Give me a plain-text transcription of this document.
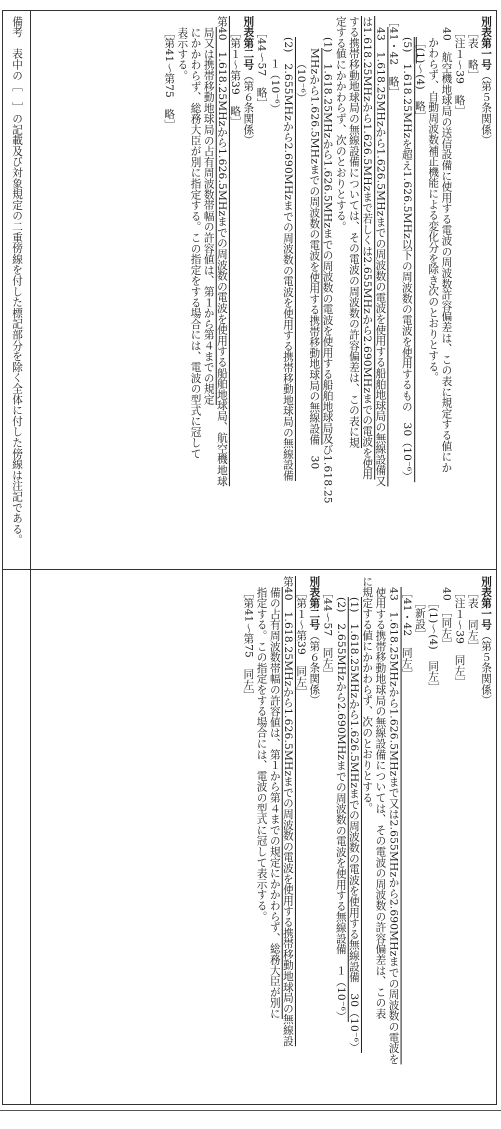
別表第一号（第５条関係）

［表　略］

［注１～39　略］

40　航空機地球局の送信設備に使用する電波の周波数許容偏差は、この表に規定する値にか

かわらず、自動周波数補正機能による変化分を除き次のとおりとする。

［(1)～(4)　略］

(5)　1.618.25MHzを超え1.626.5MHz以下の周波数の電波を使用するもの　30（10⁻⁶）

［41・42　略］

43　1.618.25MHzから1.626.5MHzまでの周波数の電波を使用する船舶地球局の無線設備又

は1.618.25MHzから1.626.5MHzまで若しくは2.655MHzから2.690MHzまでの電波を使用

する携帯移動地球局の無線設備については、その電波の周波数の許容偏差は、この表に規

定する値にかかわらず、次のとおりとする。

(1)　1.618.25MHzから1.626.5MHzまでの周波数の電波を使用する船舶地球局及び1.618.25

MHzから1.626.5MHzまでの周波数の電波を使用する携帯移動地球局の無線設備　30

（10⁻⁶）

(2)　2.655MHzから2.690MHzまでの周波数の電波を使用する携帯移動地球局の無線設備

１（10⁻⁶）

［44～57　略］

別表第二号（第６条関係）

［第１～第39　略］

第40　1.618.25MHzから1.626.5MHzまでの周波数の電波を使用する船舶地球局、航空機地球

局又は携帯移動地球局の占有周波数帯幅の許容値は、第１から第４までの規定

にかかわらず、総務大臣が別に指定する。この指定をする場合には、電波の型式に冠して

表示する。

［第41～第75　略］

別表第一号（第５条関係）

［表　同左］

［注１～39　同左］

40　［同左］

［(1)～(4)　同左］

［新設］

［41・42　同左］

43　1.618.25MHzから1.626.5MHzまで又は2.655MHzから2.690MHzまでの周波数の電波を

使用する携帯移動地球局の無線設備については、その電波の周波数の許容偏差は、この表

に規定する値にかかわらず、次のとおりとする。

(1)　1.618.25MHzから1.626.5MHzまでの周波数の電波を使用する無線設備　30（10⁻⁶）

(2)　2.655MHzから2.690MHzまでの周波数の電波を使用する無線設備　１（10⁻⁶）

［44～57　同左］

別表第二号（第６条関係）

［第１～第39　同左］

第40　1.618.25MHzから1.626.5MHzまでの周波数の電波を使用する携帯移動地球局の無線設

備の占有周波数帯幅の許容値は、第１から第４までの規定にかかわらず、総務大臣が別に

指定する。この指定をする場合には、電波の型式に冠して表示する。

［第41～第75　同左］

備考　表中の［　］の記載及び対象規定の二重傍線を付した標記部分を除く全体に付した傍線は注記である。
